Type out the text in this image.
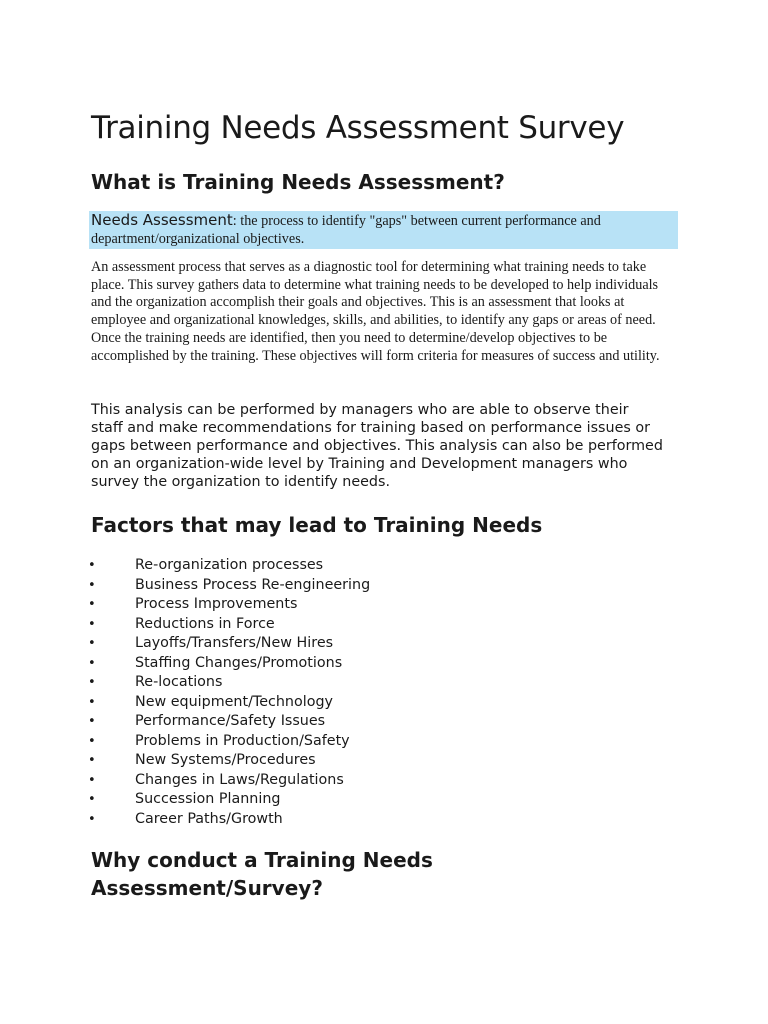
Training Needs Assessment Survey
What is Training Needs Assessment?
Needs Assessment: the process to identify "gaps" between current performance and department/organizational objectives.

An assessment process that serves as a diagnostic tool for determining what training needs to take place. This survey gathers data to determine what training needs to be developed to help individuals and the organization accomplish their goals and objectives. This is an assessment that looks at employee and organizational knowledges, skills, and abilities, to identify any gaps or areas of need. Once the training needs are identified, then you need to determine/develop objectives to be accomplished by the training. These objectives will form criteria for measures of success and utility.

This analysis can be performed by managers who are able to observe their staff and make recommendations for training based on performance issues or gaps between performance and objectives. This analysis can also be performed on an organization-wide level by Training and Development managers who survey the organization to identify needs.

Factors that may lead to Training Needs
•	Re-organization processes
•	Business Process Re-engineering
•	Process Improvements
•	Reductions in Force
•	Layoffs/Transfers/New Hires
•	Staffing Changes/Promotions
•	Re-locations
•	New equipment/Technology
•	Performance/Safety Issues
•	Problems in Production/Safety
•	New Systems/Procedures
•	Changes in Laws/Regulations
•	Succession Planning
•	Career Paths/Growth
Why conduct a Training Needs Assessment/Survey?
